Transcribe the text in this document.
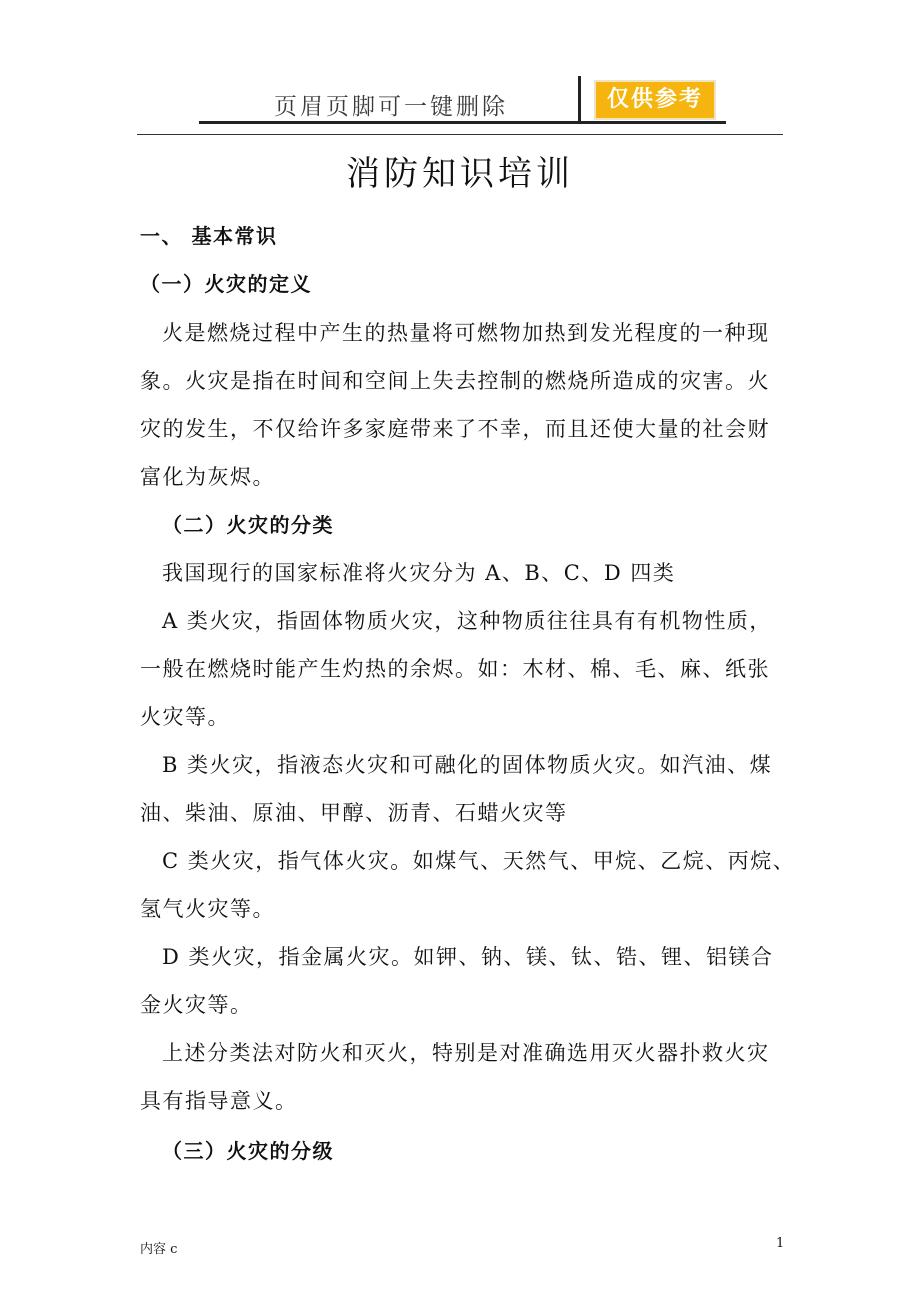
页眉页脚可一键删除	仅供参考
消防知识培训
一、 基本常识
（一）火灾的定义
火是燃烧过程中产生的热量将可燃物加热到发光程度的一种现
象。火灾是指在时间和空间上失去控制的燃烧所造成的灾害。火
灾的发生，不仅给许多家庭带来了不幸，而且还使大量的社会财
富化为灰烬。
（二）火灾的分类
我国现行的国家标准将火灾分为 A、B、C、D 四类
A 类火灾，指固体物质火灾，这种物质往往具有有机物性质，
一般在燃烧时能产生灼热的余烬。如：木材、棉、毛、麻、纸张
火灾等。
B 类火灾，指液态火灾和可融化的固体物质火灾。如汽油、煤
油、柴油、原油、甲醇、沥青、石蜡火灾等
C 类火灾，指气体火灾。如煤气、天然气、甲烷、乙烷、丙烷、
氢气火灾等。
D 类火灾，指金属火灾。如钾、钠、镁、钛、锆、锂、铝镁合
金火灾等。
上述分类法对防火和灭火，特别是对准确选用灭火器扑救火灾
具有指导意义。
（三）火灾的分级
内容 c	1
